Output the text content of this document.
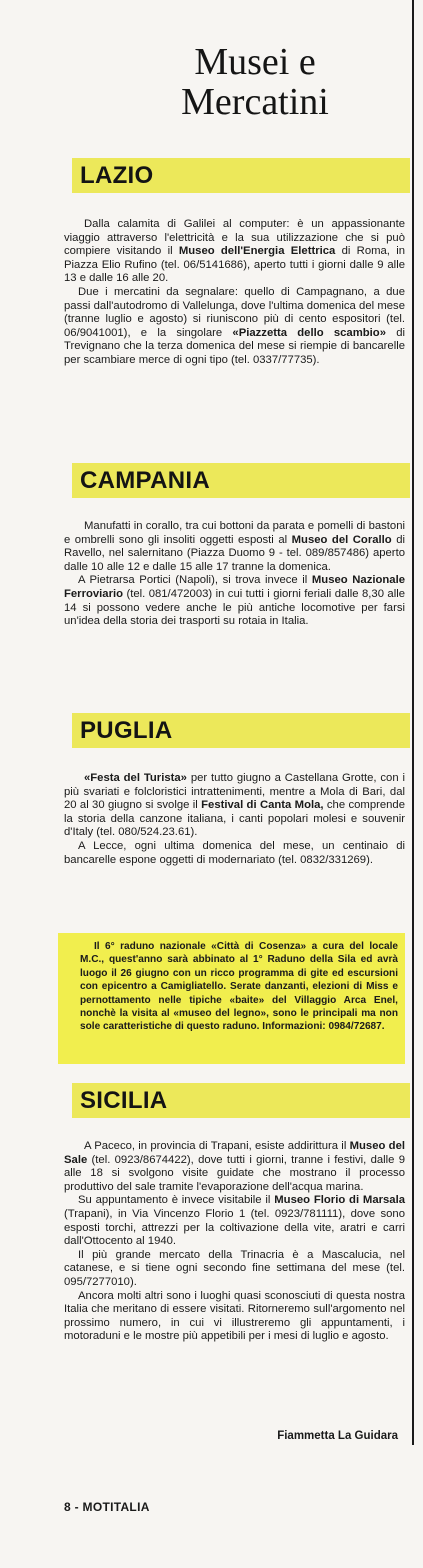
Musei e
Mercatini
LAZIO

Dalla calamita di Galilei al computer: è un appassionante viaggio attraverso l'elettricità e la sua utilizzazione che si può compiere visitando il Museo dell'Energia Elettrica di Roma, in Piazza Elio Rufino (tel. 06/5141686), aperto tutti i giorni dalle 9 alle 13 e dalle 16 alle 20.

Due i mercatini da segnalare: quello di Campagnano, a due passi dall'autodromo di Vallelunga, dove l'ultima domenica del mese (tranne luglio e agosto) si riuniscono più di cento espositori (tel. 06/9041001), e la singolare «Piazzetta dello scambio» di Trevignano che la terza domenica del mese si riempie di bancarelle per scambiare merce di ogni tipo (tel. 0337/77735).

CAMPANIA

Manufatti in corallo, tra cui bottoni da parata e pomelli di bastoni e ombrelli sono gli insoliti oggetti esposti al Museo del Corallo di Ravello, nel salernitano (Piazza Duomo 9 - tel. 089/857486) aperto dalle 10 alle 12 e dalle 15 alle 17 tranne la domenica.

A Pietrarsa Portici (Napoli), si trova invece il Museo Nazionale Ferroviario (tel. 081/472003) in cui tutti i giorni feriali dalle 8,30 alle 14 si possono vedere anche le più antiche locomotive per farsi un'idea della storia dei trasporti su rotaia in Italia.

PUGLIA

«Festa del Turista» per tutto giugno a Castellana Grotte, con i più svariati e folcloristici intrattenimenti, mentre a Mola di Bari, dal 20 al 30 giugno si svolge il Festival di Canta Mola, che comprende la storia della canzone italiana, i canti popolari molesi e souvenir d'Italy (tel. 080/524.23.61).

A Lecce, ogni ultima domenica del mese, un centinaio di bancarelle espone oggetti di modernariato (tel. 0832/331269).

Il 6° raduno nazionale «Città di Cosenza» a cura del locale M.C., quest'anno sarà abbinato al 1° Raduno della Sila ed avrà luogo il 26 giugno con un ricco programma di gite ed escursioni con epicentro a Camigliatello. Serate danzanti, elezioni di Miss e pernottamento nelle tipiche «baite» del Villaggio Arca Enel, nonchè la visita al «museo del legno», sono le principali ma non sole caratteristiche di questo raduno. Informazioni: 0984/72687.

SICILIA

A Paceco, in provincia di Trapani, esiste addirittura il Museo del Sale (tel. 0923/8674422), dove tutti i giorni, tranne i festivi, dalle 9 alle 18 si svolgono visite guidate che mostrano il processo produttivo del sale tramite l'evaporazione dell'acqua marina.

Su appuntamento è invece visitabile il Museo Florio di Marsala (Trapani), in Via Vincenzo Florio 1 (tel. 0923/781111), dove sono esposti torchi, attrezzi per la coltivazione della vite, aratri e carri dall'Ottocento al 1940.

Il più grande mercato della Trinacria è a Mascalucia, nel catanese, e si tiene ogni secondo fine settimana del mese (tel. 095/7277010).

Ancora molti altri sono i luoghi quasi sconosciuti di questa nostra Italia che meritano di essere visitati. Ritorneremo sull'argomento nel prossimo numero, in cui vi illustreremo gli appuntamenti, i motoraduni e le mostre più appetibili per i mesi di luglio e agosto.

Fiammetta La Guidara

8 - MOTITALIA
